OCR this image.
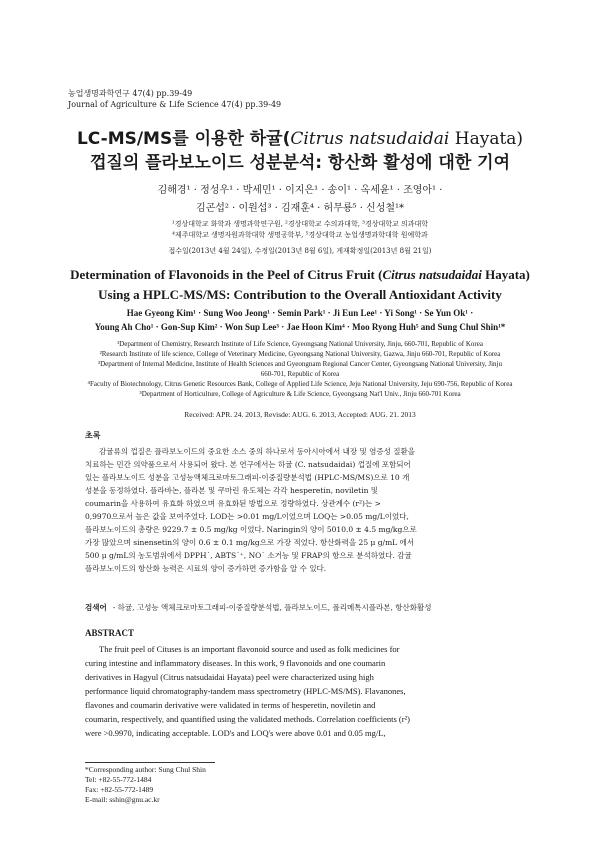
농업생명과학연구 47(4) pp.39-49
Journal of Agriculture & Life Science 47(4) pp.39-49
LC-MS/MS를 이용한 하귤(Citrus natsudaidai Hayata)
껍질의 플라보노이드 성분분석: 항산화 활성에 대한 기여
김해경¹ · 정성우¹ · 박세민¹ · 이지은¹ · 송이¹ · 옥세윤¹ · 조영아¹ ·
김곤섭² · 이원섭³ · 김재훈⁴ · 허무룡⁵ · 신성철¹*
¹경상대학교 화학과 생명과학연구원, ²경상대학교 수의과대학, ³경상대학교 의과대학
⁴제주대학교 생명자원과학대학 생명공학부, ⁵경상대학교 농업생명과학대학 원예학과
접수일(2013년 4월 24일), 수정일(2013년 8월 6일), 게재확정일(2013년 8월 21일)
Determination of Flavonoids in the Peel of Citrus Fruit (Citrus natsudaidai Hayata)
Using a HPLC-MS/MS: Contribution to the Overall Antioxidant Activity
Hae Gyeong Kim¹ · Sung Woo Jeong¹ · Semin Park¹ · Ji Eun Lee¹ · Yi Song¹ · Se Yun Ok¹ ·
Young Ah Cho¹ · Gon-Sup Kim² · Won Sup Lee³ · Jae Hoon Kim⁴ · Moo Ryong Huh⁵ and Sung Chul Shin¹*
¹Department of Chemistry, Research Institute of Life Science, Gyeongsang National University, Jinju, 660-701, Republic of Korea
²Research Institute of life science, College of Veterinary Medicine, Gyeongsang National University, Gazwa, Jinju 660-701, Republic of Korea
³Department of Internal Medicine, Institute of Health Sciences and Gyeongnam Regional Cancer Center, Gyeongsang National University, Jinju
660-701, Republic of Korea
⁴Faculty of Biotechnology, Citrus Genetic Resources Bank, College of Applied Life Science, Jeju National University, Jeju 690-756, Republic of Korea
⁵Department of Horticulture, College of Agriculture & Life Science, Gyeongsang Nat'l Univ., Jinju 660-701 Korea
Received: APR. 24. 2013, Revisde: AUG. 6. 2013, Accepted: AUG. 21. 2013
초록
감귤류의 껍질은 플라보노이드의 중요한 소스 중의 하나로서 동아시아에서 내장 및 염증성 질환을
치료하는 민간 의약품으로서 사용되어 왔다. 본 연구에서는 하귤 (C. natsudaidai) 껍질에 포함되어
있는 플라보노이드 성분을 고성능액체크로마토그래피-이중질량분석법 (HPLC-MS/MS)으로 10 개
성분을 동정하였다. 플라바논, 플라본 및 쿠마린 유도체는 각각 hesperetin, noviletin 및
coumarin을 사용하여 유효화 하였으며 유효화된 방법으로 정량하였다. 상관계수 (r²)는 >
0,9970으로서 높은 값을 보여주었다. LOD는 >0.01 mg/L이었으며 LOQ는 >0.05 mg/L이었다,
플라보노이드의 총량은 9229.7 ± 0.5 mg/kg 이었다. Naringin의 양이 5010.0 ± 4.5 mg/kg으로
가장 많았으며 sinensetin의 양이 0.6 ± 0.1 mg/kg으로 가장 적었다. 항산화력을 25 μ g/mL 에서
500 μ g/mL의 농도범위에서 DPPH˙, ABTS˙⁺, NO˙ 소거능 및 FRAP의 항으로 분석하였다. 감귤
플라보노이드의 항산화 능력은 시료의 양이 증가하면 증가함을 알 수 있다.
검색어 - 하귤, 고성능 액체크로마토그래피-이중질량분석법, 플라보노이드, 폴리메톡시플라본, 항산화활성
ABSTRACT
The fruit peel of Cituses is an important flavonoid source and used as folk medicines for
curing intestine and inflammatory diseases. In this work, 9 flavonoids and one coumarin
derivatives in Hagyul (Citrus natsudaidai Hayata) peel were characterized using high
performance liquid chromatography-tandem mass spectrometry (HPLC-MS/MS). Flavanones,
flavones and coumarin derivative were validated in terms of hesperetin, noviletin and
coumarin, respectively, and quantified using the validated methods. Correlation coefficients (r²)
were >0.9970, indicating acceptable. LOD's and LOQ's were above 0.01 and 0.05 mg/L,
*Corresponding author: Sung Chul Shin
Tel: +82-55-772-1484
Fax: +82-55-772-1489
E-mail: sshin@gnu.ac.kr
